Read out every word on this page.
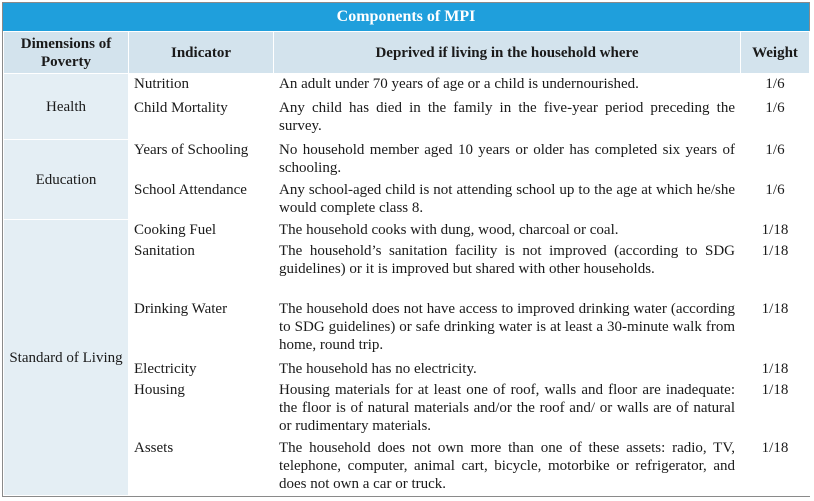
Components of MPI
Dimensions of Poverty	Indicator	Deprived if living in the household where	Weight
Health	Nutrition	An adult under 70 years of age or a child is undernourished.	1/6
	Child Mortality	Any child has died in the family in the five-year period preceding the survey.	1/6
Education	Years of Schooling	No household member aged 10 years or older has completed six years of schooling.	1/6
	School Attendance	Any school-aged child is not attending school up to the age at which he/she would complete class 8.	1/6
Standard of Living	Cooking Fuel	The household cooks with dung, wood, charcoal or coal.	1/18
	Sanitation	The household’s sanitation facility is not improved (according to SDG guidelines) or it is improved but shared with other households.	1/18
	Drinking Water	The household does not have access to improved drinking water (according to SDG guidelines) or safe drinking water is at least a 30-minute walk from home, round trip.	1/18
	Electricity	The household has no electricity.	1/18
	Housing	Housing materials for at least one of roof, walls and floor are inadequate: the floor is of natural materials and/or the roof and/ or walls are of natural or rudimentary materials.	1/18
	Assets	The household does not own more than one of these assets: radio, TV, telephone, computer, animal cart, bicycle, motorbike or refrigerator, and does not own a car or truck.	1/18
